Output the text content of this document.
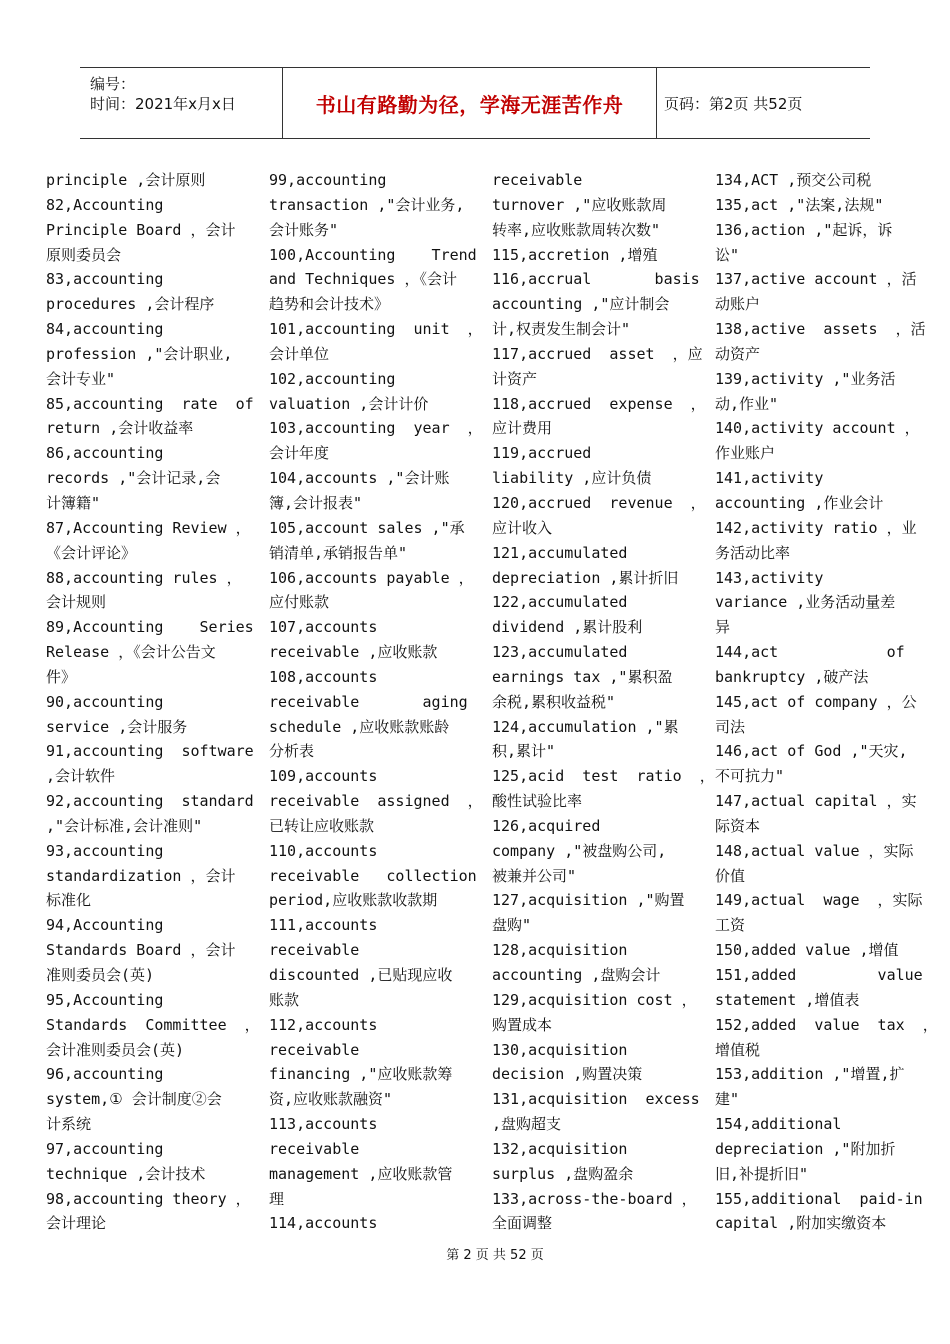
编号：
时间：2021年x月x日	书山有路勤为径，学海无涯苦作舟	页码：第2页 共52页
principle ,会计原则
82,Accounting
Principle Board ，会计
原则委员会
83,accounting
procedures ,会计程序
84,accounting
profession ,"会计职业,
会计专业"
85,accounting  rate  of
return ,会计收益率
86,accounting
records ,"会计记录,会
计簿籍"
87,Accounting Review ，
《会计评论》
88,accounting rules ，
会计规则
89,Accounting    Series
Release ，《会计公告文
件》
90,accounting
service ,会计服务
91,accounting  software
,会计软件
92,accounting  standard
,"会计标准,会计准则"
93,accounting
standardization ，会计
标准化
94,Accounting
Standards Board ，会计
准则委员会(英)
95,Accounting
Standards  Committee  ，
会计准则委员会(英)
96,accounting
system,① 会计制度②会
计系统
97,accounting
technique ,会计技术
98,accounting theory ，
会计理论
99,accounting
transaction ,"会计业务,
会计账务"
100,Accounting    Trend
and Techniques ，《会计
趋势和会计技术》
101,accounting  unit  ，
会计单位
102,accounting
valuation ,会计计价
103,accounting  year  ，
会计年度
104,accounts ,"会计账
簿,会计报表"
105,account sales ,"承
销清单,承销报告单"
106,accounts payable ，
应付账款
107,accounts
receivable ,应收账款
108,accounts
receivable       aging
schedule ,应收账款账龄
分析表
109,accounts
receivable  assigned  ，
已转让应收账款
110,accounts
receivable   collection
period,应收账款收款期
111,accounts
receivable
discounted ,已贴现应收
账款
112,accounts
receivable
financing ,"应收账款筹
资,应收账款融资"
113,accounts
receivable
management ,应收账款管
理
114,accounts
receivable
turnover ,"应收账款周
转率,应收账款周转次数"
115,accretion ,增殖
116,accrual       basis
accounting ,"应计制会
计,权责发生制会计"
117,accrued  asset  ，应
计资产
118,accrued  expense  ，
应计费用
119,accrued
liability ,应计负债
120,accrued  revenue  ，
应计收入
121,accumulated
depreciation ,累计折旧
122,accumulated
dividend ,累计股利
123,accumulated
earnings tax ,"累积盈
余税,累积收益税"
124,accumulation ,"累
积,累计"
125,acid  test  ratio  ，
酸性试验比率
126,acquired
company ,"被盘购公司,
被兼并公司"
127,acquisition ,"购置
盘购"
128,acquisition
accounting ,盘购会计
129,acquisition cost ，
购置成本
130,acquisition
decision ,购置决策
131,acquisition  excess
,盘购超支
132,acquisition
surplus ,盘购盈余
133,across-the-board ，
全面调整
134,ACT ,预交公司税
135,act ,"法案,法规"
136,action ,"起诉，诉
讼"
137,active account ，活
动账户
138,active  assets  ，活
动资产
139,activity ,"业务活
动,作业"
140,activity account ，
作业账户
141,activity
accounting ,作业会计
142,activity ratio ，业
务活动比率
143,activity
variance ,业务活动量差
异
144,act            of
bankruptcy ,破产法
145,act of company ，公
司法
146,act of God ,"天灾,
不可抗力"
147,actual capital ，实
际资本
148,actual value ，实际
价值
149,actual  wage  ，实际
工资
150,added value ,增值
151,added         value
statement ,增值表
152,added  value  tax  ，
增值税
153,addition ,"增置,扩
建"
154,additional
depreciation ,"附加折
旧,补提折旧"
155,additional  paid-in
capital ,附加实缴资本
第 2 页 共 52 页
